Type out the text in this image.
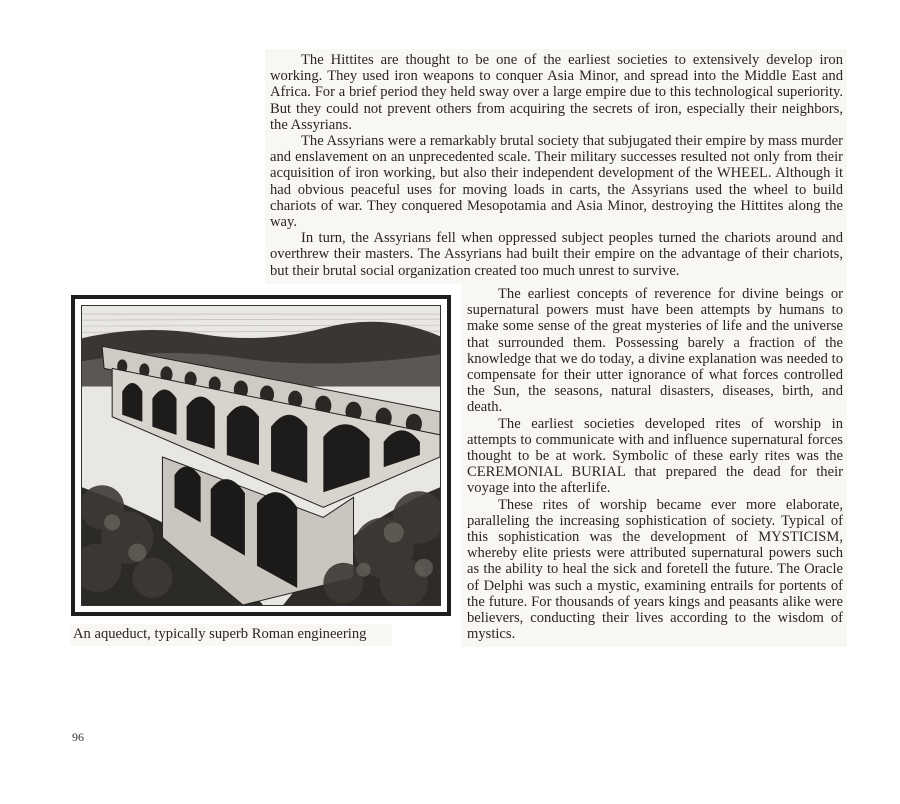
The Hittites are thought to be one of the earliest societies to extensively develop iron working. They used iron weapons to conquer Asia Minor, and spread into the Middle East and Africa. For a brief period they held sway over a large empire due to this technological superiority. But they could not prevent others from acquiring the secrets of iron, especially their neighbors, the Assyrians.

The Assyrians were a remarkably brutal society that subjugated their empire by mass murder and enslavement on an unprecedented scale. Their military successes resulted not only from their acquisition of iron working, but also their independent development of the WHEEL. Although it had obvious peaceful uses for moving loads in carts, the Assyrians used the wheel to build chariots of war. They conquered Mesopotamia and Asia Minor, destroying the Hittites along the way.

In turn, the Assyrians fell when oppressed subject peoples turned the chariots around and overthrew their masters. The Assyrians had built their empire on the advantage of their chariots, but their brutal social organization created too much unrest to survive.

An aqueduct, typically superb Roman engineering

The earliest concepts of reverence for divine beings or supernatural powers must have been attempts by humans to make some sense of the great mysteries of life and the universe that surrounded them. Possessing barely a fraction of the knowledge that we do today, a divine explanation was needed to compensate for their utter ignorance of what forces controlled the Sun, the seasons, natural disasters, diseases, birth, and death.

The earliest societies developed rites of worship in attempts to communicate with and influence supernatural forces thought to be at work. Symbolic of these early rites was the CEREMONIAL BURIAL that prepared the dead for their voyage into the afterlife.

These rites of worship became ever more elaborate, paralleling the increasing sophistication of society. Typical of this sophistication was the development of MYSTICISM, whereby elite priests were attributed supernatural powers such as the ability to heal the sick and foretell the future. The Oracle of Delphi was such a mystic, examining entrails for portents of the future. For thousands of years kings and peasants alike were believers, conducting their lives according to the wisdom of mystics.

96
